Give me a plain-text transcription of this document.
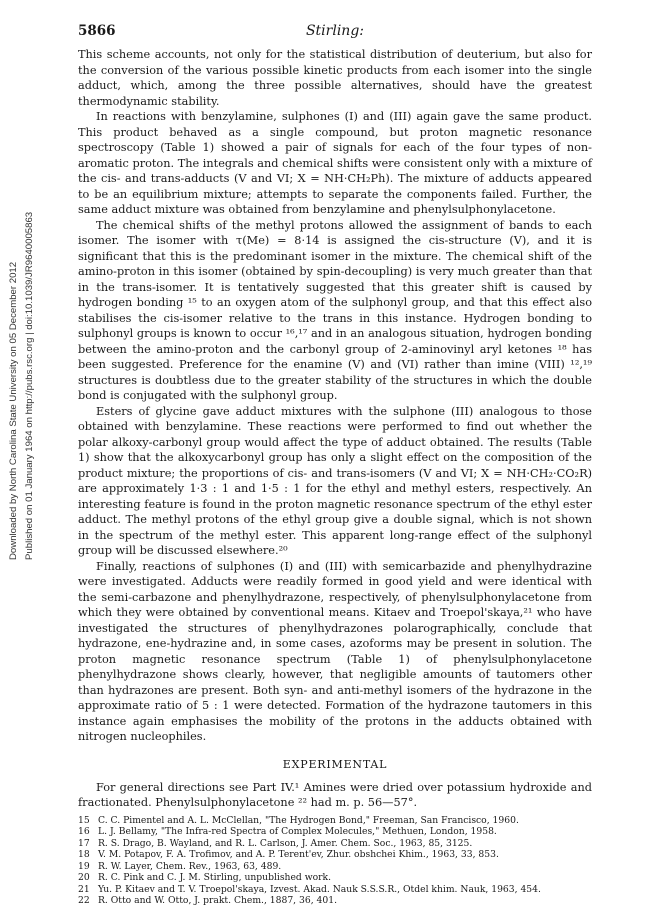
Downloaded by North Carolina State University on 05 December 2012 Published on 01 January 1964 on http://pubs.rsc.org | doi:10.1039/JR9640005863
5866	Stirling:

This scheme accounts, not only for the statistical distribution of deuterium, but also for the conversion of the various possible kinetic products from each isomer into the single adduct, which, among the three possible alternatives, should have the greatest thermodynamic stability.

In reactions with benzylamine, sulphones (I) and (III) again gave the same product. This product behaved as a single compound, but proton magnetic resonance spectroscopy (Table 1) showed a pair of signals for each of the four types of non-aromatic proton. The integrals and chemical shifts were consistent only with a mixture of the cis- and trans-adducts (V and VI; X = NH·CH₂Ph). The mixture of adducts appeared to be an equilibrium mixture; attempts to separate the components failed. Further, the same adduct mixture was obtained from benzylamine and phenylsulphonylacetone.

The chemical shifts of the methyl protons allowed the assignment of bands to each isomer. The isomer with τ(Me) = 8·14 is assigned the cis-structure (V), and it is significant that this is the predominant isomer in the mixture. The chemical shift of the amino-proton in this isomer (obtained by spin-decoupling) is very much greater than that in the trans-isomer. It is tentatively suggested that this greater shift is caused by hydrogen bonding ¹⁵ to an oxygen atom of the sulphonyl group, and that this effect also stabilises the cis-isomer relative to the trans in this instance. Hydrogen bonding to sulphonyl groups is known to occur ¹⁶,¹⁷ and in an analogous situation, hydrogen bonding between the amino-proton and the carbonyl group of 2-aminovinyl aryl ketones ¹⁸ has been suggested. Preference for the enamine (V) and (VI) rather than imine (VIII) ¹²,¹⁹ structures is doubtless due to the greater stability of the structures in which the double bond is conjugated with the sulphonyl group.

Esters of glycine gave adduct mixtures with the sulphone (III) analogous to those obtained with benzylamine. These reactions were performed to find out whether the polar alkoxy-carbonyl group would affect the type of adduct obtained. The results (Table 1) show that the alkoxycarbonyl group has only a slight effect on the composition of the product mixture; the proportions of cis- and trans-isomers (V and VI; X = NH·CH₂·CO₂R) are approximately 1·3 : 1 and 1·5 : 1 for the ethyl and methyl esters, respectively. An interesting feature is found in the proton magnetic resonance spectrum of the ethyl ester adduct. The methyl protons of the ethyl group give a double signal, which is not shown in the spectrum of the methyl ester. This apparent long-range effect of the sulphonyl group will be discussed elsewhere.²⁰

Finally, reactions of sulphones (I) and (III) with semicarbazide and phenylhydrazine were investigated. Adducts were readily formed in good yield and were identical with the semi-carbazone and phenylhydrazone, respectively, of phenylsulphonylacetone from which they were obtained by conventional means. Kitaev and Troepol'skaya,²¹ who have investigated the structures of phenylhydrazones polarographically, conclude that hydrazone, ene-hydrazine and, in some cases, azoforms may be present in solution. The proton magnetic resonance spectrum (Table 1) of phenylsulphonylacetone phenylhydrazone shows clearly, however, that negligible amounts of tautomers other than hydrazones are present. Both syn- and anti-methyl isomers of the hydrazone in the approximate ratio of 5 : 1 were detected. Formation of the hydrazone tautomers in this instance again emphasises the mobility of the protons in the adducts obtained with nitrogen nucleophiles.

EXPERIMENTAL

For general directions see Part IV.¹ Amines were dried over potassium hydroxide and fractionated. Phenylsulphonylacetone ²² had m. p. 56—57°.

15 C. C. Pimentel and A. L. McClellan, "The Hydrogen Bond," Freeman, San Francisco, 1960.
16 L. J. Bellamy, "The Infra-red Spectra of Complex Molecules," Methuen, London, 1958.
17 R. S. Drago, B. Wayland, and R. L. Carlson, J. Amer. Chem. Soc., 1963, 85, 3125.
18 V. M. Potapov, F. A. Trofimov, and A. P. Terent'ev, Zhur. obshchei Khim., 1963, 33, 853.
19 R. W. Layer, Chem. Rev., 1963, 63, 489.
20 R. C. Pink and C. J. M. Stirling, unpublished work.
21 Yu. P. Kitaev and T. V. Troepol'skaya, Izvest. Akad. Nauk S.S.S.R., Otdel khim. Nauk, 1963, 454.
22 R. Otto and W. Otto, J. prakt. Chem., 1887, 36, 401.
